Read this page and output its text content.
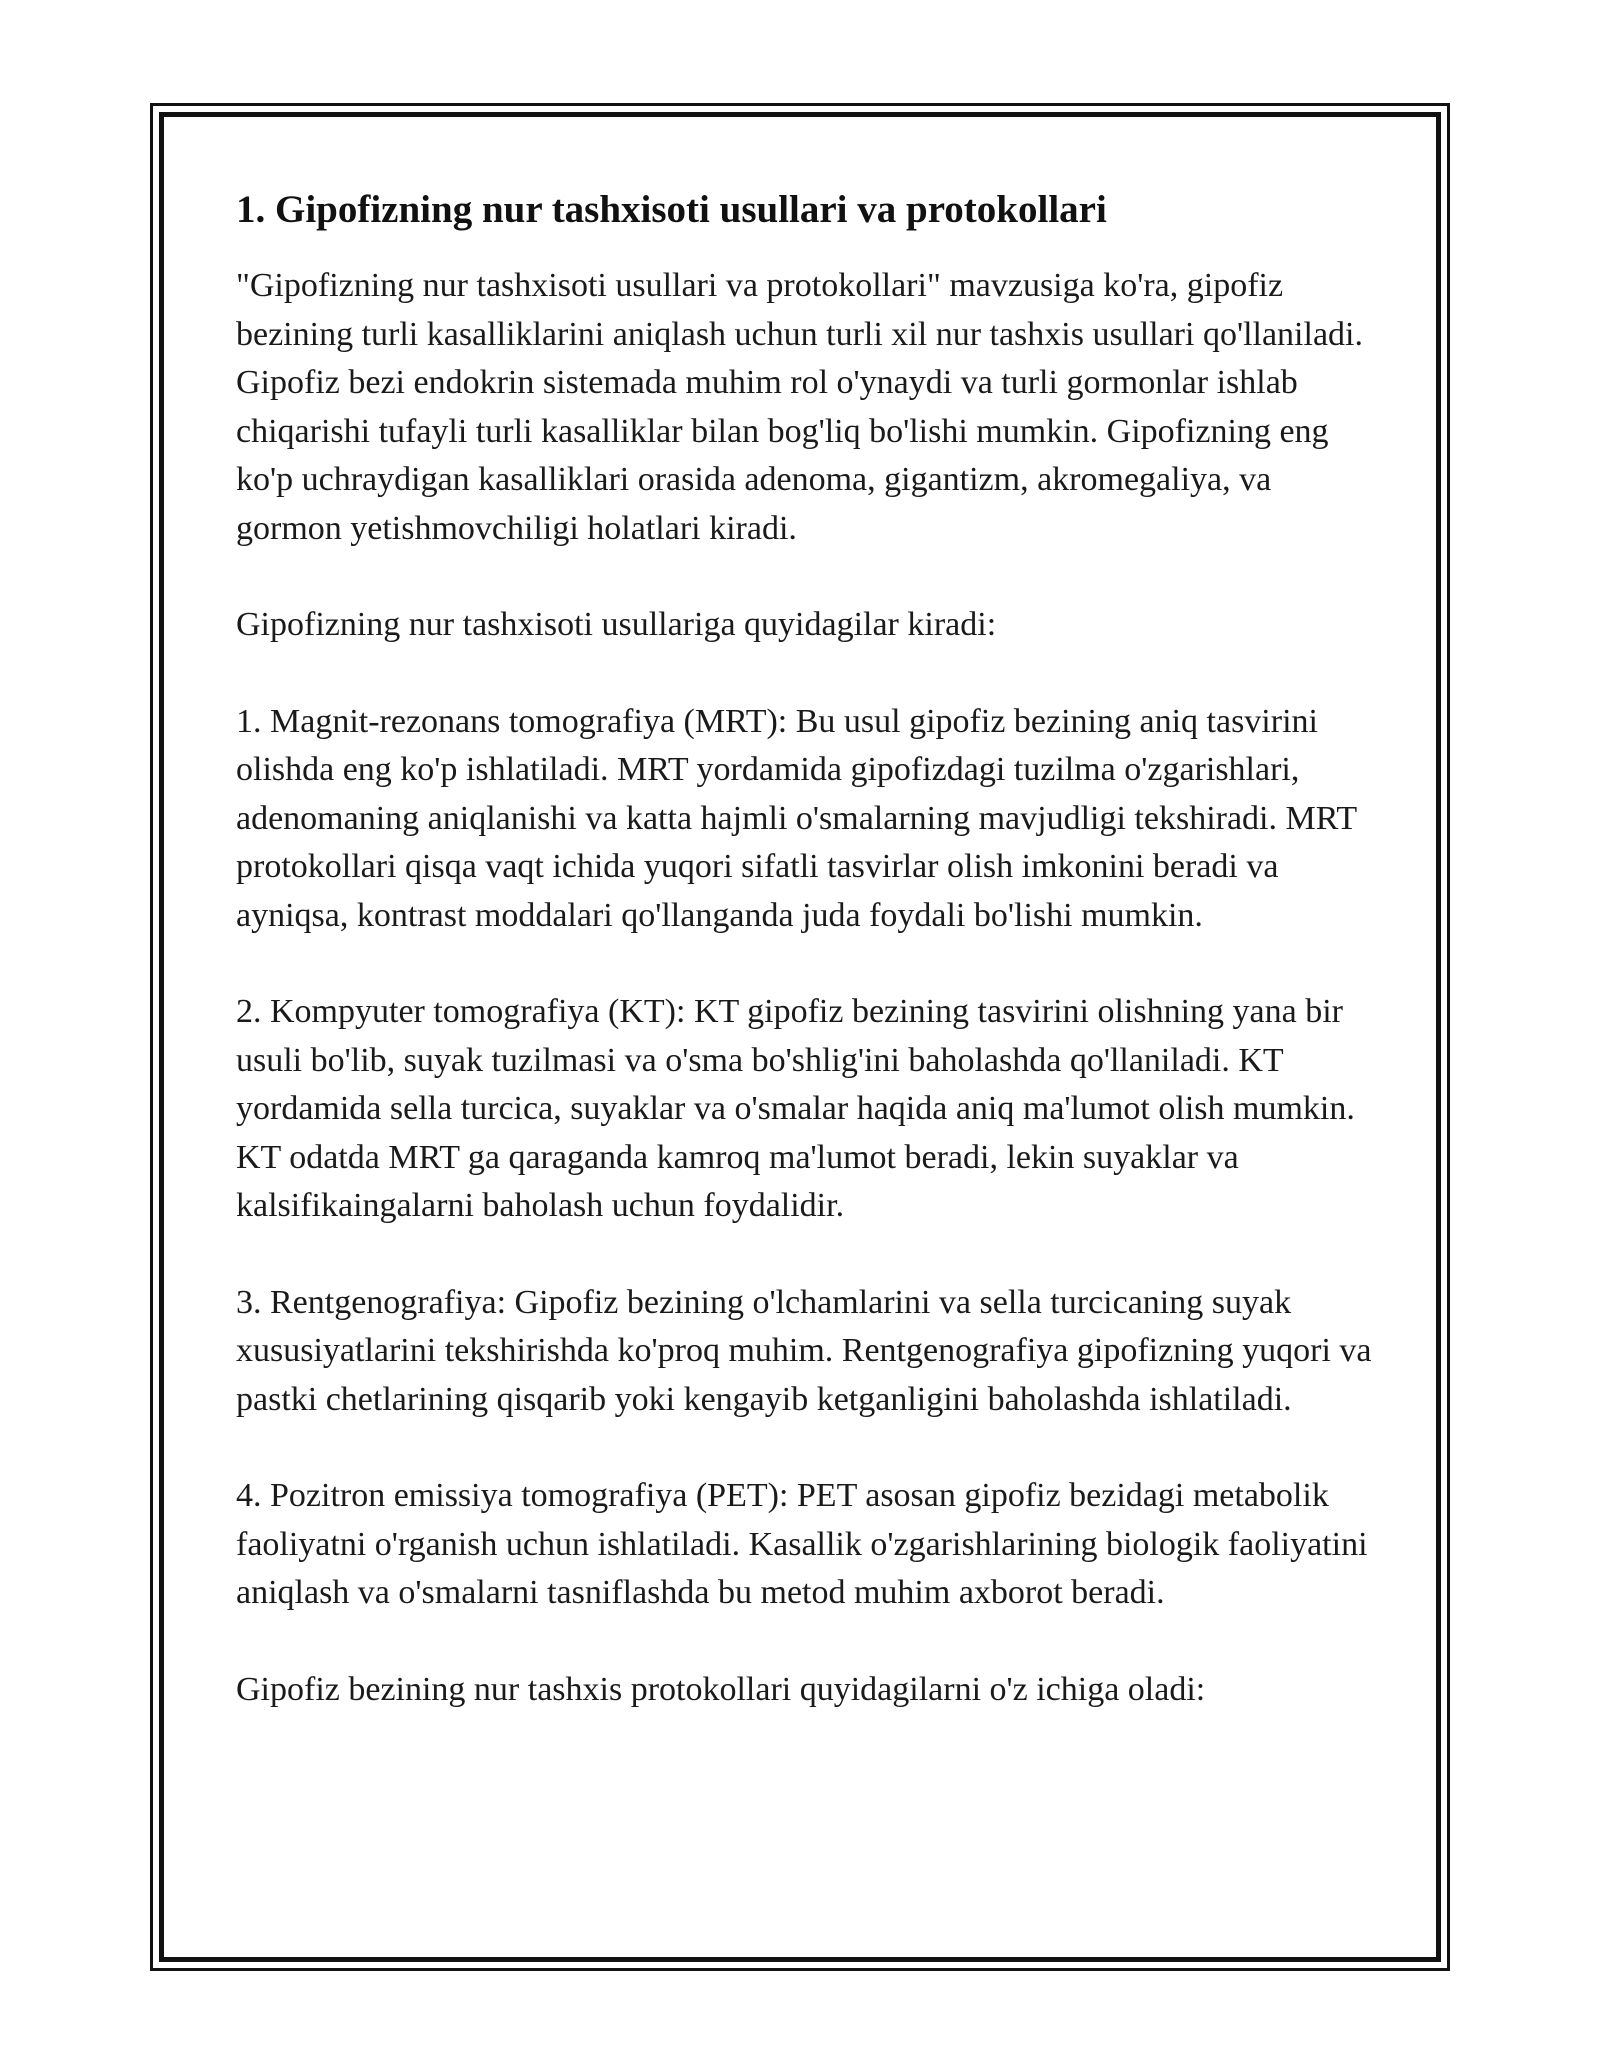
1. Gipofizning nur tashxisoti usullari va protokollari

"Gipofizning nur tashxisoti usullari va protokollari" mavzusiga ko'ra, gipofiz bezining turli kasalliklarini aniqlash uchun turli xil nur tashxis usullari qo'llaniladi. Gipofiz bezi endokrin sistemada muhim rol o'ynaydi va turli gormonlar ishlab chiqarishi tufayli turli kasalliklar bilan bog'liq bo'lishi mumkin. Gipofizning eng ko'p uchraydigan kasalliklari orasida adenoma, gigantizm, akromegaliya, va gormon yetishmovchiligi holatlari kiradi.

Gipofizning nur tashxisoti usullariga quyidagilar kiradi:

1. Magnit-rezonans tomografiya (MRT): Bu usul gipofiz bezining aniq tasvirini olishda eng ko'p ishlatiladi. MRT yordamida gipofizdagi tuzilma o'zgarishlari, adenomaning aniqlanishi va katta hajmli o'smalarning mavjudligi tekshiradi. MRT protokollari qisqa vaqt ichida yuqori sifatli tasvirlar olish imkonini beradi va ayniqsa, kontrast moddalari qo'llanganda juda foydali bo'lishi mumkin.

2. Kompyuter tomografiya (KT): KT gipofiz bezining tasvirini olishning yana bir usuli bo'lib, suyak tuzilmasi va o'sma bo'shlig'ini baholashda qo'llaniladi. KT yordamida sella turcica, suyaklar va o'smalar haqida aniq ma'lumot olish mumkin. KT odatda MRT ga qaraganda kamroq ma'lumot beradi, lekin suyaklar va kalsifikaingalarni baholash uchun foydalidir.

3. Rentgenografiya: Gipofiz bezining o'lchamlarini va sella turcicaning suyak xususiyatlarini tekshirishda ko'proq muhim. Rentgenografiya gipofizning yuqori va pastki chetlarining qisqarib yoki kengayib ketganligini baholashda ishlatiladi.

4. Pozitron emissiya tomografiya (PET): PET asosan gipofiz bezidagi metabolik faoliyatni o'rganish uchun ishlatiladi. Kasallik o'zgarishlarining biologik faoliyatini aniqlash va o'smalarni tasniflashda bu metod muhim axborot beradi.

Gipofiz bezining nur tashxis protokollari quyidagilarni o'z ichiga oladi:
